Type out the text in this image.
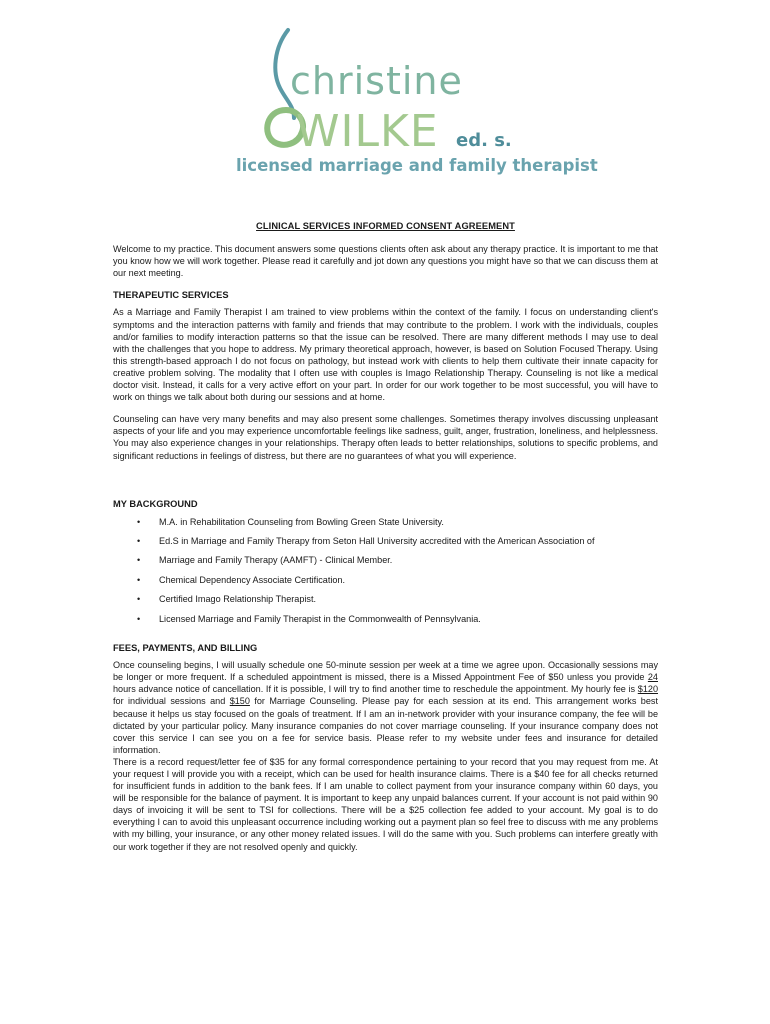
christine
WILKE ed. s.
licensed marriage and family therapist

CLINICAL SERVICES INFORMED CONSENT AGREEMENT

Welcome to my practice. This document answers some questions clients often ask about any therapy practice. It is important to me that you know how we will work together. Please read it carefully and jot down any questions you might have so that we can discuss them at our next meeting.

THERAPEUTIC SERVICES

As a Marriage and Family Therapist I am trained to view problems within the context of the family. I focus on understanding client's symptoms and the interaction patterns with family and friends that may contribute to the problem. I work with the individuals, couples and/or families to modify interaction patterns so that the issue can be resolved. There are many different methods I may use to deal with the challenges that you hope to address. My primary theoretical approach, however, is based on Solution Focused Therapy. Using this strength-based approach I do not focus on pathology, but instead work with clients to help them cultivate their innate capacity for creative problem solving. The modality that I often use with couples is Imago Relationship Therapy. Counseling is not like a medical doctor visit. Instead, it calls for a very active effort on your part. In order for our work together to be most successful, you will have to work on things we talk about both during our sessions and at home.

Counseling can have very many benefits and may also present some challenges. Sometimes therapy involves discussing unpleasant aspects of your life and you may experience uncomfortable feelings like sadness, guilt, anger, frustration, loneliness, and helplessness. You may also experience changes in your relationships. Therapy often leads to better relationships, solutions to specific problems, and significant reductions in feelings of distress, but there are no guarantees of what you will experience.

MY BACKGROUND

• M.A. in Rehabilitation Counseling from Bowling Green State University.
• Ed.S in Marriage and Family Therapy from Seton Hall University accredited with the American Association of
• Marriage and Family Therapy (AAMFT) - Clinical Member.
• Chemical Dependency Associate Certification.
• Certified Imago Relationship Therapist.
• Licensed Marriage and Family Therapist in the Commonwealth of Pennsylvania.

FEES, PAYMENTS, AND BILLING

Once counseling begins, I will usually schedule one 50-minute session per week at a time we agree upon. Occasionally sessions may be longer or more frequent. If a scheduled appointment is missed, there is a Missed Appointment Fee of $50 unless you provide 24 hours advance notice of cancellation. If it is possible, I will try to find another time to reschedule the appointment. My hourly fee is $120 for individual sessions and $150 for Marriage Counseling. Please pay for each session at its end. This arrangement works best because it helps us stay focused on the goals of treatment. If I am an in-network provider with your insurance company, the fee will be dictated by your particular policy. Many insurance companies do not cover marriage counseling. If your insurance company does not cover this service I can see you on a fee for service basis. Please refer to my website under fees and insurance for detailed information.

There is a record request/letter fee of $35 for any formal correspondence pertaining to your record that you may request from me. At your request I will provide you with a receipt, which can be used for health insurance claims. There is a $40 fee for all checks returned for insufficient funds in addition to the bank fees. If I am unable to collect payment from your insurance company within 60 days, you will be responsible for the balance of payment. It is important to keep any unpaid balances current. If your account is not paid within 90 days of invoicing it will be sent to TSI for collections. There will be a $25 collection fee added to your account. My goal is to do everything I can to avoid this unpleasant occurrence including working out a payment plan so feel free to discuss with me any problems with my billing, your insurance, or any other money related issues. I will do the same with you. Such problems can interfere greatly with our work together if they are not resolved openly and quickly.
